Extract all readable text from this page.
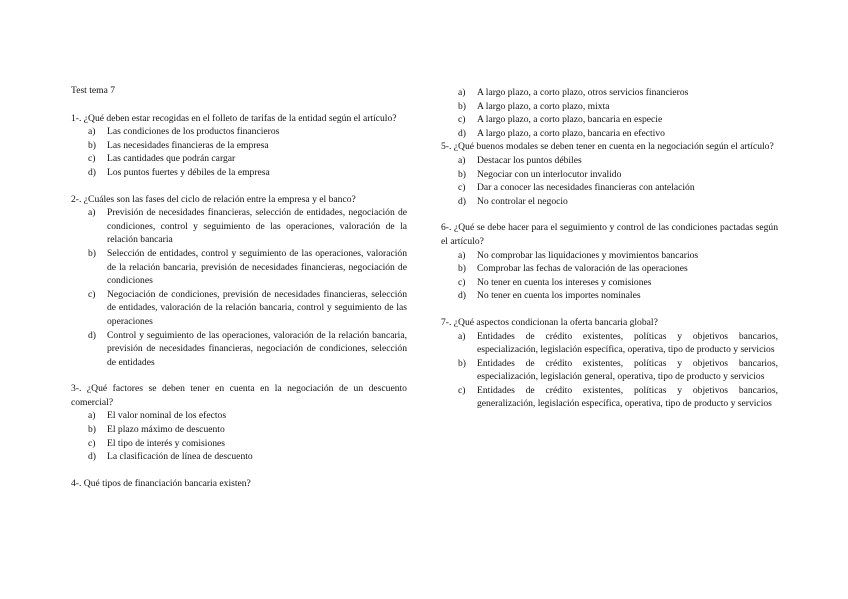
Test tema 7

1-. ¿Qué deben estar recogidas en el folleto de tarifas de la entidad según el artículo?

a) Las condiciones de los productos financieros
b) Las necesidades financieras de la empresa
c) Las cantidades que podrán cargar
d) Los puntos fuertes y débiles de la empresa

2-. ¿Cuáles son las fases del ciclo de relación entre la empresa y el banco?

a) Previsión de necesidades financieras, selección de entidades, negociación de condiciones, control y seguimiento de las operaciones, valoración de la relación bancaria
b) Selección de entidades, control y seguimiento de las operaciones, valoración de la relación bancaria, previsión de necesidades financieras, negociación de condiciones
c) Negociación de condiciones, previsión de necesidades financieras, selección de entidades, valoración de la relación bancaria, control y seguimiento de las operaciones
d) Control y seguimiento de las operaciones, valoración de la relación bancaria, previsión de necesidades financieras, negociación de condiciones, selección de entidades

3-. ¿Qué factores se deben tener en cuenta en la negociación de un descuento comercial?

a) El valor nominal de los efectos
b) El plazo máximo de descuento
c) El tipo de interés y comisiones
d) La clasificación de línea de descuento

4-. Qué tipos de financiación bancaria existen?

a) A largo plazo, a corto plazo, otros servicios financieros
b) A largo plazo, a corto plazo, mixta
c) A largo plazo, a corto plazo, bancaria en especie
d) A largo plazo, a corto plazo, bancaria en efectivo

5-. ¿Qué buenos modales se deben tener en cuenta en la negociación según el artículo?

a) Destacar los puntos débiles
b) Negociar con un interlocutor invalido
c) Dar a conocer las necesidades financieras con antelación
d) No controlar el negocio

6-. ¿Qué se debe hacer para el seguimiento y control de las condiciones pactadas según el artículo?

a) No comprobar las liquidaciones y movimientos bancarios
b) Comprobar las fechas de valoración de las operaciones
c) No tener en cuenta los intereses y comisiones
d) No tener en cuenta los importes nominales

7-. ¿Qué aspectos condicionan la oferta bancaria global?

a) Entidades de crédito existentes, políticas y objetivos bancarios, especialización, legislación específica, operativa, tipo de producto y servicios
b) Entidades de crédito existentes, políticas y objetivos bancarios, especialización, legislación general, operativa, tipo de producto y servicios
c) Entidades de crédito existentes, políticas y objetivos bancarios, generalización, legislación específica, operativa, tipo de producto y servicios
